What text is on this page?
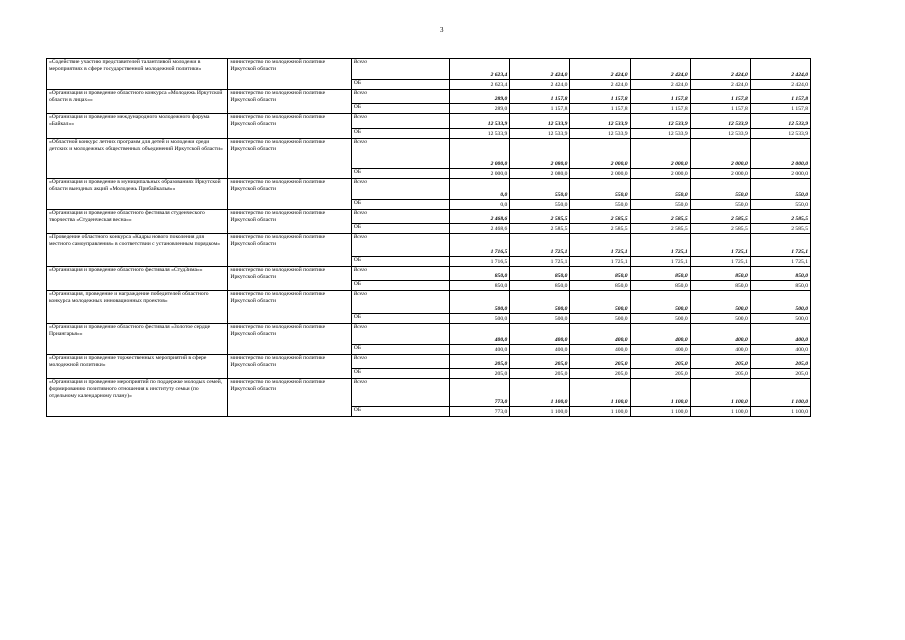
3
«Содействие участию представителей талантливой молодежи в мероприятиях в сфере государственной молодежной политики»	министерство по молодежной политике Иркутской области	Всего	2 623,4	2 424,0	2 424,0	2 424,0	2 424,0	2 424,0
		ОБ	2 623,4	2 424,0	2 424,0	2 424,0	2 424,0	2 424,0
«Организация и проведение областного конкурса «Молодежь Иркутской области в лицах»»	министерство по молодежной политике Иркутской области	Всего	289,0	1 157,8	1 157,8	1 157,8	1 157,8	1 157,8
		ОБ	289,0	1 157,8	1 157,8	1 157,8	1 157,8	1 157,8
«Организация и проведение международного молодежного форума «Байкал»»	министерство по молодежной политике Иркутской области	Всего	12 533,9	12 533,9	12 533,9	12 533,9	12 533,9	12 533,9
		ОБ	12 533,9	12 533,9	12 533,9	12 533,9	12 533,9	12 533,9
«Областной конкурс летних программ для детей и молодежи среди детских и молодежных общественных объединений Иркутской области»	министерство по молодежной политике Иркутской области	Всего	2 000,0	2 080,0	2 000,0	2 000,0	2 000,0	2 000,0
		ОБ	2 000,0	2 080,0	2 000,0	2 000,0	2 000,0	2 000,0
«Организация и проведение в муниципальных образованиях Иркутской области выездных акций «Молодежь Прибайкалья»»	министерство по молодежной политике Иркутской области	Всего	0,0	550,0	550,0	550,0	550,0	550,0
		ОБ	0,0	550,0	550,0	550,0	550,0	550,0
«Организация и проведение областного фестиваля студенческого творчества «Студенческая весна»»	министерство по молодежной политике Иркутской области	Всего	2 468,6	2 585,5	2 585,5	2 585,5	2 585,5	2 585,5
		ОБ	2 468,6	2 585,5	2 585,5	2 585,5	2 585,5	2 585,5
«Проведение областного конкурса «Кадры нового поколения для местного самоуправления» в соответствии с установленным порядком»	министерство по молодежной политике Иркутской области	Всего	1 716,5	1 725,1	1 725,1	1 725,1	1 725,1	1 725,1
		ОБ	1 716,5	1 725,1	1 725,1	1 725,1	1 725,1	1 725,1
«Организация и проведение областного фестиваля «СтудЗима»»	министерство по молодежной политике Иркутской области	Всего	850,0	850,0	850,0	850,0	850,0	850,0
		ОБ	850,0	850,0	850,0	850,0	850,0	850,0
«Организация, проведение и награждение победителей областного конкурса молодежных инновационных проектов»	министерство по молодежной политике Иркутской области	Всего	500,0	500,0	500,0	500,0	500,0	500,0
		ОБ	500,0	500,0	500,0	500,0	500,0	500,0
«Организация и проведение областного фестиваля «Золотое сердце Приангарья»»	министерство по молодежной политике Иркутской области	Всего	400,0	400,0	400,0	400,0	400,0	400,0
		ОБ	400,0	400,0	400,0	400,0	400,0	400,0
«Организация и проведение торжественных мероприятий в сфере молодежной политики»	министерство по молодежной политике Иркутской области	Всего	205,0	205,0	205,0	205,0	205,0	205,0
		ОБ	205,0	205,0	205,0	205,0	205,0	205,0
«Организация и проведение мероприятий по поддержке молодых семей, формированию позитивного отношения к институту семьи (по отдельному календарному плану)»	министерство по молодежной политике Иркутской области	Всего	773,0	1 100,0	1 100,0	1 100,0	1 100,0	1 100,0
		ОБ	773,0	1 100,0	1 100,0	1 100,0	1 100,0	1 100,0
